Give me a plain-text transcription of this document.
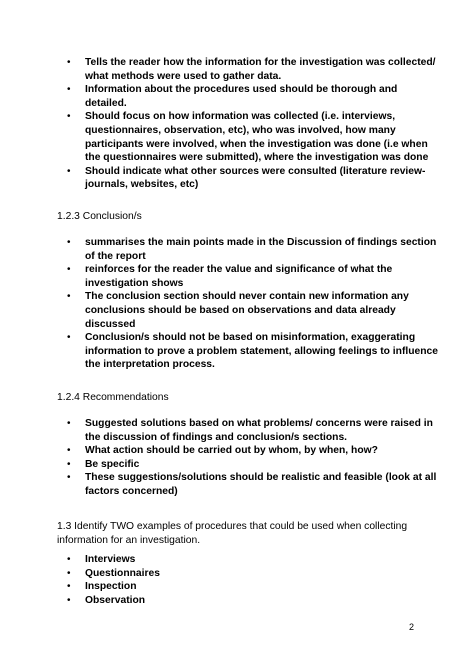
• Tells the reader how the information for the investigation was collected/
what methods were used to gather data.
• Information about the procedures used should be thorough and
detailed.
• Should focus on how information was collected (i.e. interviews,
questionnaires, observation, etc), who was involved, how many
participants were involved, when the investigation was done (i.e when
the questionnaires were submitted), where the investigation was done
• Should indicate what other sources were consulted (literature review-
journals, websites, etc)
1.2.3 Conclusion/s
• summarises the main points made in the Discussion of findings section
of the report
• reinforces for the reader the value and significance of what the
investigation shows
• The conclusion section should never contain new information any
conclusions should be based on observations and data already
discussed
• Conclusion/s should not be based on misinformation, exaggerating
information to prove a problem statement, allowing feelings to influence
the interpretation process.
1.2.4 Recommendations
• Suggested solutions based on what problems/ concerns were raised in
the discussion of findings and conclusion/s sections.
• What action should be carried out by whom, by when, how?
• Be specific
• These suggestions/solutions should be realistic and feasible (look at all
factors concerned)
1.3 Identify TWO examples of procedures that could be used when collecting
information for an investigation.
• Interviews
• Questionnaires
• Inspection
• Observation
2
